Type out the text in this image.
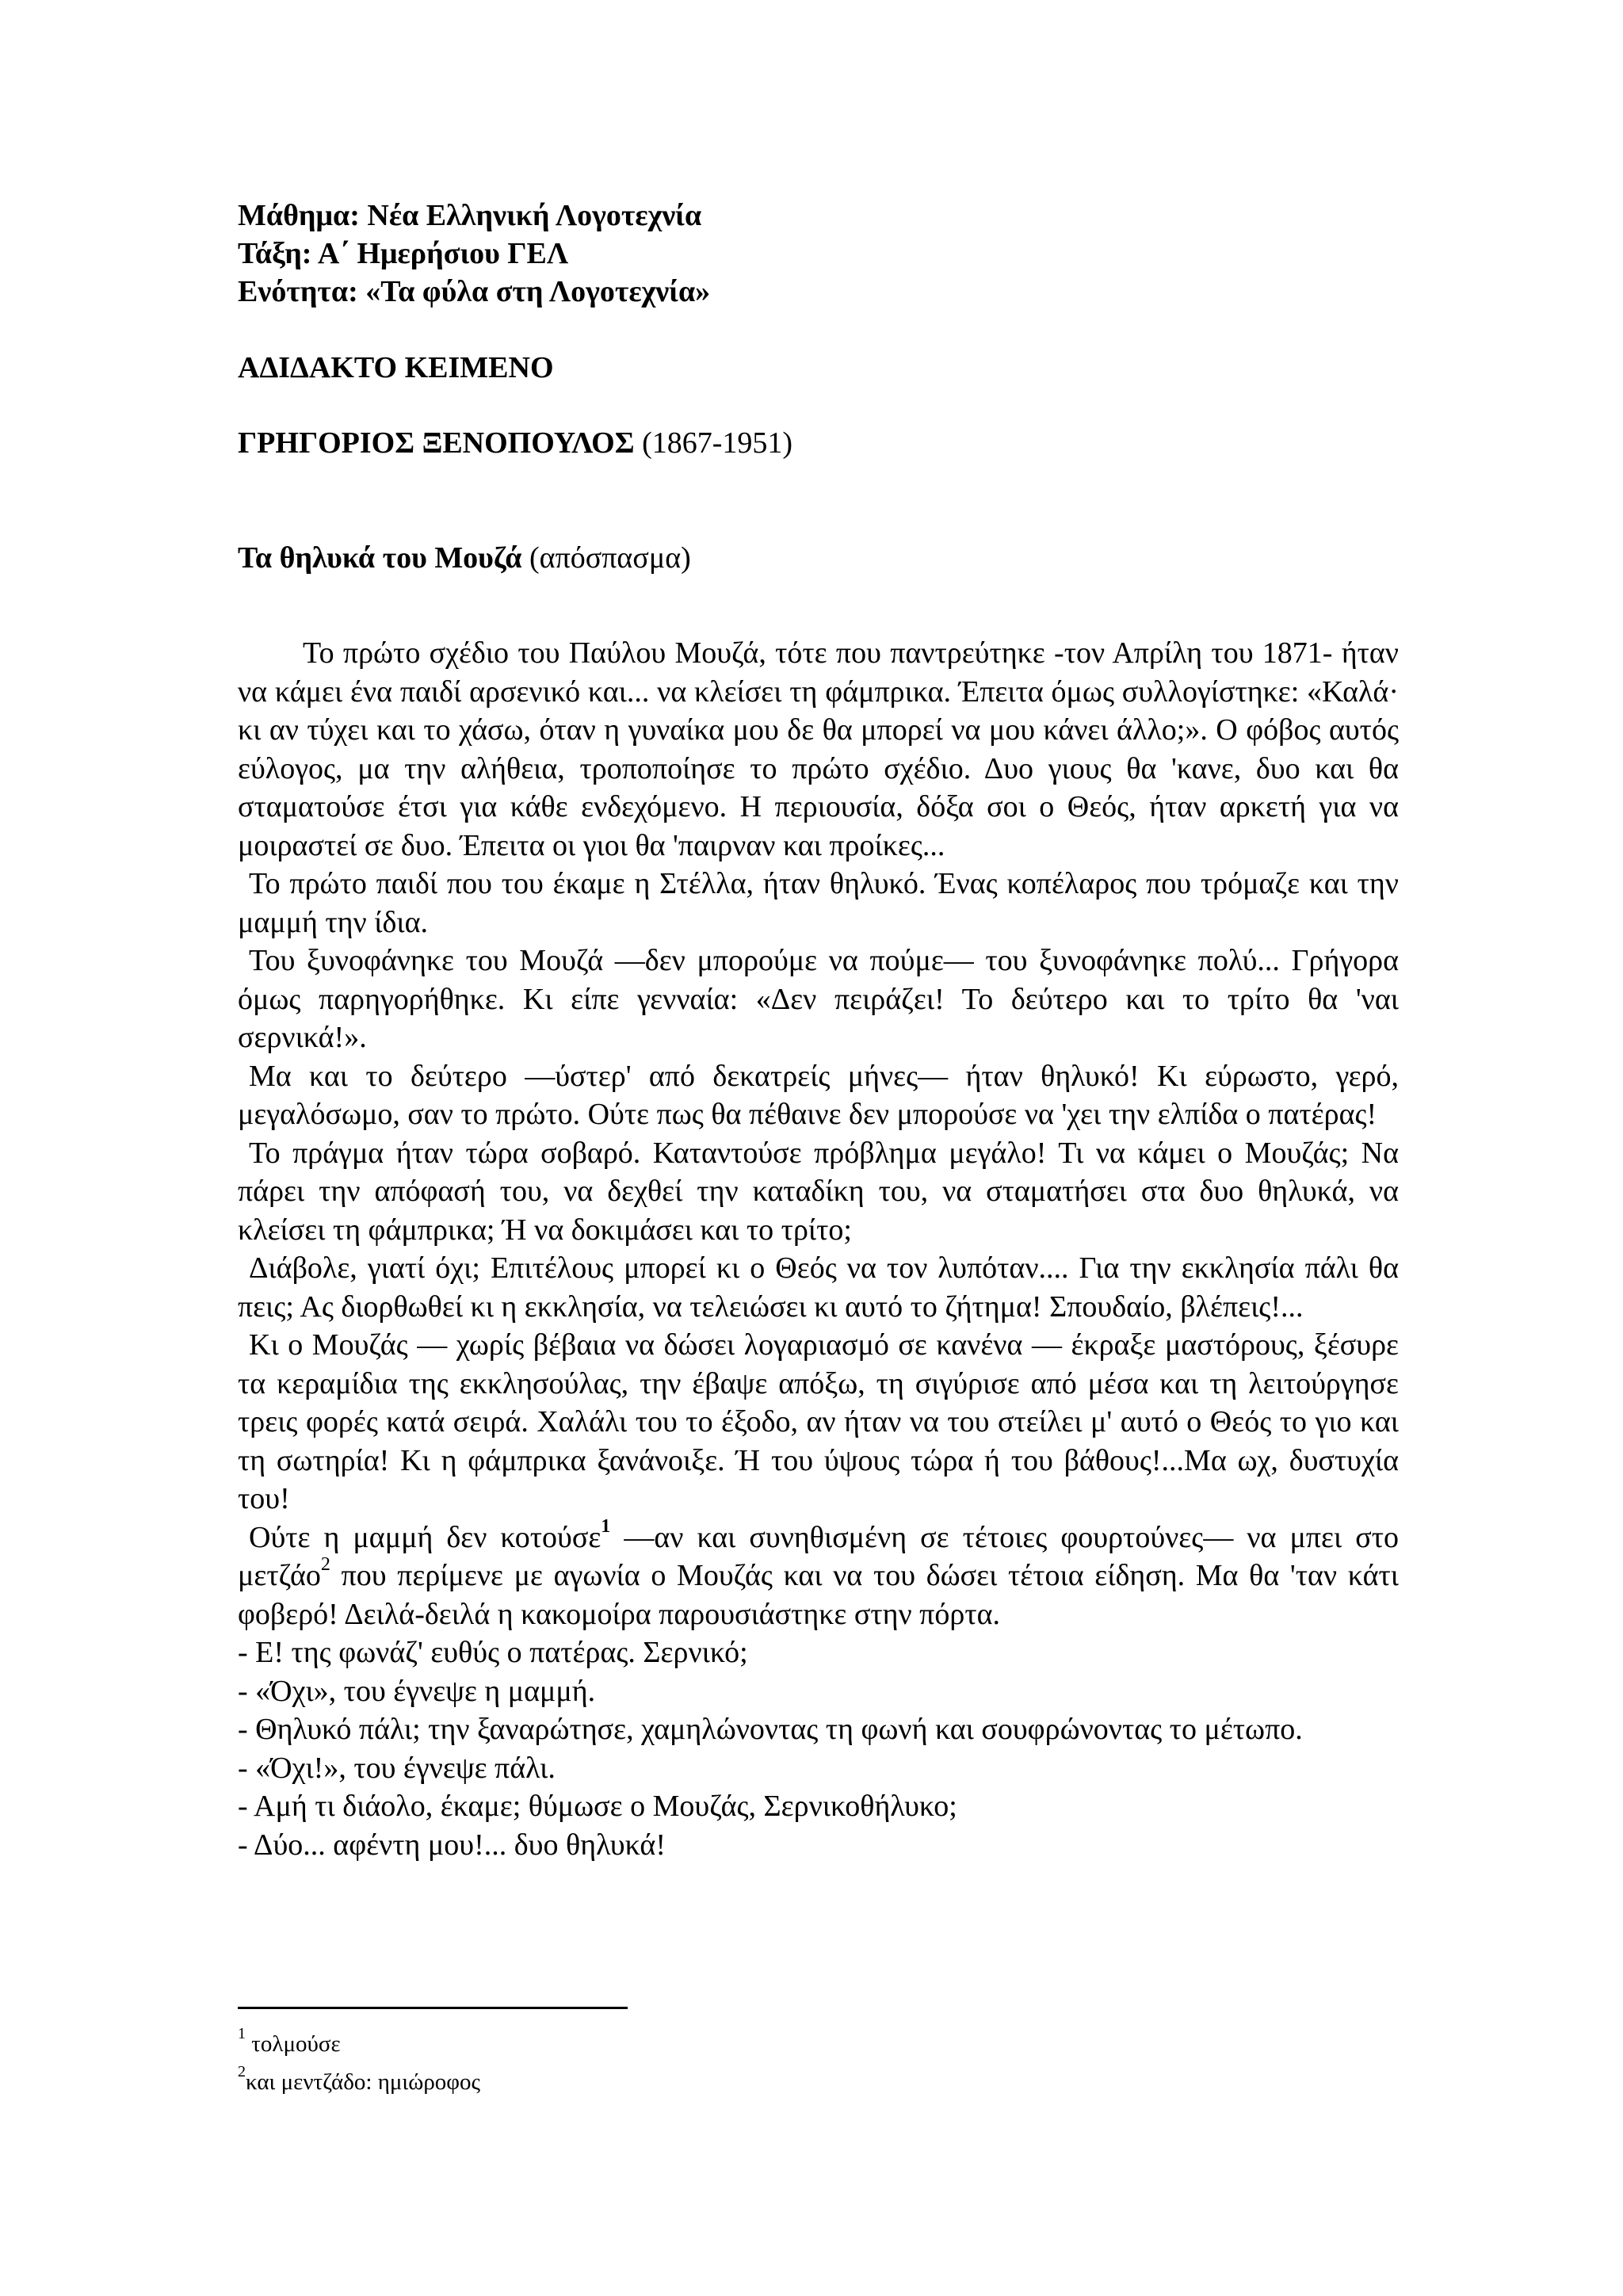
Μάθημα: Νέα Ελληνική Λογοτεχνία
Τάξη: Α΄ Ημερήσιου ΓΕΛ
Ενότητα: «Τα φύλα στη Λογοτεχνία»
ΑΔΙΔΑΚΤΟ ΚΕΙΜΕΝΟ
ΓΡΗΓΟΡΙΟΣ ΞΕΝΟΠΟΥΛΟΣ (1867-1951)
Τα θηλυκά του Μουζά (απόσπασμα)

Το πρώτο σχέδιο του Παύλου Μουζά, τότε που παντρεύτηκε -τον Απρίλη του 1871- ήταν να κάμει ένα παιδί αρσενικό και... να κλείσει τη φάμπρικα. Έπειτα όμως συλλογίστηκε: «Καλά· κι αν τύχει και το χάσω, όταν η γυναίκα μου δε θα μπορεί να μου κάνει άλλο;». Ο φόβος αυτός εύλογος, μα την αλήθεια, τροποποίησε το πρώτο σχέδιο. Δυο γιους θα 'κανε, δυο και θα σταματούσε έτσι για κάθε ενδεχόμενο. Η περιουσία, δόξα σοι ο Θεός, ήταν αρκετή για να μοιραστεί σε δυο. Έπειτα οι γιοι θα 'παιρναν και προίκες...

Το πρώτο παιδί που του έκαμε η Στέλλα, ήταν θηλυκό. Ένας κοπέλαρος που τρόμαζε και την μαμμή την ίδια.

Του ξυνοφάνηκε του Μουζά —δεν μπορούμε να πούμε— του ξυνοφάνηκε πολύ... Γρήγορα όμως παρηγορήθηκε. Κι είπε γενναία: «Δεν πειράζει! Το δεύτερο και το τρίτο θα 'ναι σερνικά!».

Μα και το δεύτερο —ύστερ' από δεκατρείς μήνες— ήταν θηλυκό! Κι εύρωστο, γερό, μεγαλόσωμο, σαν το πρώτο. Ούτε πως θα πέθαινε δεν μπορούσε να 'χει την ελπίδα ο πατέρας!

Το πράγμα ήταν τώρα σοβαρό. Καταντούσε πρόβλημα μεγάλο! Τι να κάμει ο Μουζάς; Να πάρει την απόφασή του, να δεχθεί την καταδίκη του, να σταματήσει στα δυο θηλυκά, να κλείσει τη φάμπρικα; Ή να δοκιμάσει και το τρίτο;

Διάβολε, γιατί όχι; Επιτέλους μπορεί κι ο Θεός να τον λυπόταν.... Για την εκκλησία πάλι θα πεις; Ας διορθωθεί κι η εκκλησία, να τελειώσει κι αυτό το ζήτημα! Σπουδαίο, βλέπεις!...

Κι ο Μουζάς — χωρίς βέβαια να δώσει λογαριασμό σε κανένα — έκραξε μαστόρους, ξέσυρε τα κεραμίδια της εκκλησούλας, την έβαψε απόξω, τη σιγύρισε από μέσα και τη λειτούργησε τρεις φορές κατά σειρά. Χαλάλι του το έξοδο, αν ήταν να του στείλει μ' αυτό ο Θεός το γιο και τη σωτηρία! Κι η φάμπρικα ξανάνοιξε. Ή του ύψους τώρα ή του βάθους!...Μα ωχ, δυστυχία του!

Ούτε η μαμμή δεν κοτούσε$^1$ —αν και συνηθισμένη σε τέτοιες φουρτούνες— να μπει στο μετζάο$^2$ που περίμενε με αγωνία ο Μουζάς και να του δώσει τέτοια είδηση. Μα θα 'ταν κάτι φοβερό! Δειλά-δειλά η κακομοίρα παρουσιάστηκε στην πόρτα.

- Ε! της φωνάζ' ευθύς ο πατέρας. Σερνικό;

- «Όχι», του έγνεψε η μαμμή.

- Θηλυκό πάλι; την ξαναρώτησε, χαμηλώνοντας τη φωνή και σουφρώνοντας το μέτωπο.

- «Όχι!», του έγνεψε πάλι.

- Αμή τι διάολο, έκαμε; θύμωσε ο Μουζάς, Σερνικοθήλυκο;

- Δύο... αφέντη μου!... δυο θηλυκά!

$^1$ τολμούσε
$^2$και μεντζάδο: ημιώροφος
